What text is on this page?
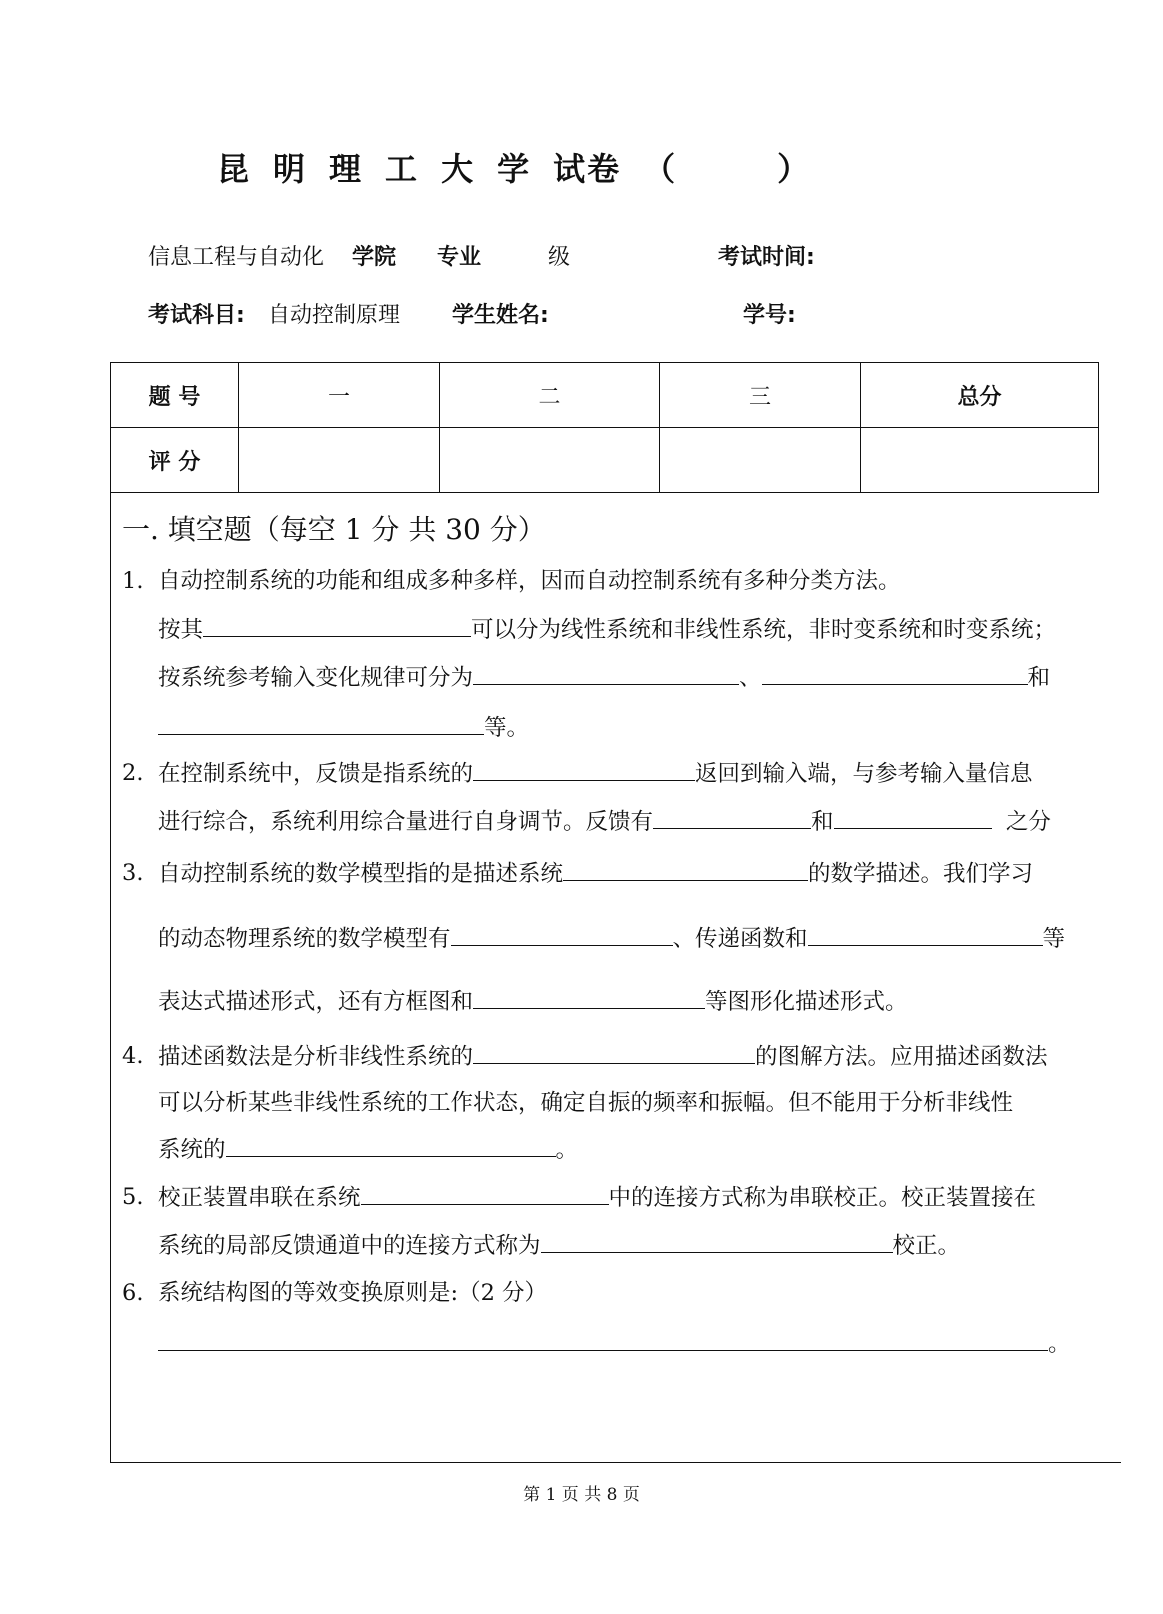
昆 明 理 工 大 学 试卷 （	）
信息工程与自动化 学院 专业	级	考试时间:
考试科目: 自动控制原理 学生姓名:	学号:
题 号	一	二	三	总分
评 分				
一. 填空题（每空 1 分 共 30 分）
1. 自动控制系统的功能和组成多种多样，因而自动控制系统有多种分类方法。
按其	可以分为线性系统和非线性系统，非时变系统和时变系统；
按系统参考输入变化规律可分为	、	和
等。
2. 在控制系统中，反馈是指系统的	返回到输入端，与参考输入量信息
进行综合，系统利用综合量进行自身调节。反馈有	和	之分
3. 自动控制系统的数学模型指的是描述系统	的数学描述。我们学习
的动态物理系统的数学模型有	、传递函数和	等
表达式描述形式，还有方框图和	等图形化描述形式。
4. 描述函数法是分析非线性系统的	的图解方法。应用描述函数法
可以分析某些非线性系统的工作状态，确定自振的频率和振幅。但不能用于分析非线性
系统的	。
5. 校正装置串联在系统	中的连接方式称为串联校正。校正装置接在
系统的局部反馈通道中的连接方式称为	校正。
6. 系统结构图的等效变换原则是:（2 分）
。
第 1 页 共 8 页
